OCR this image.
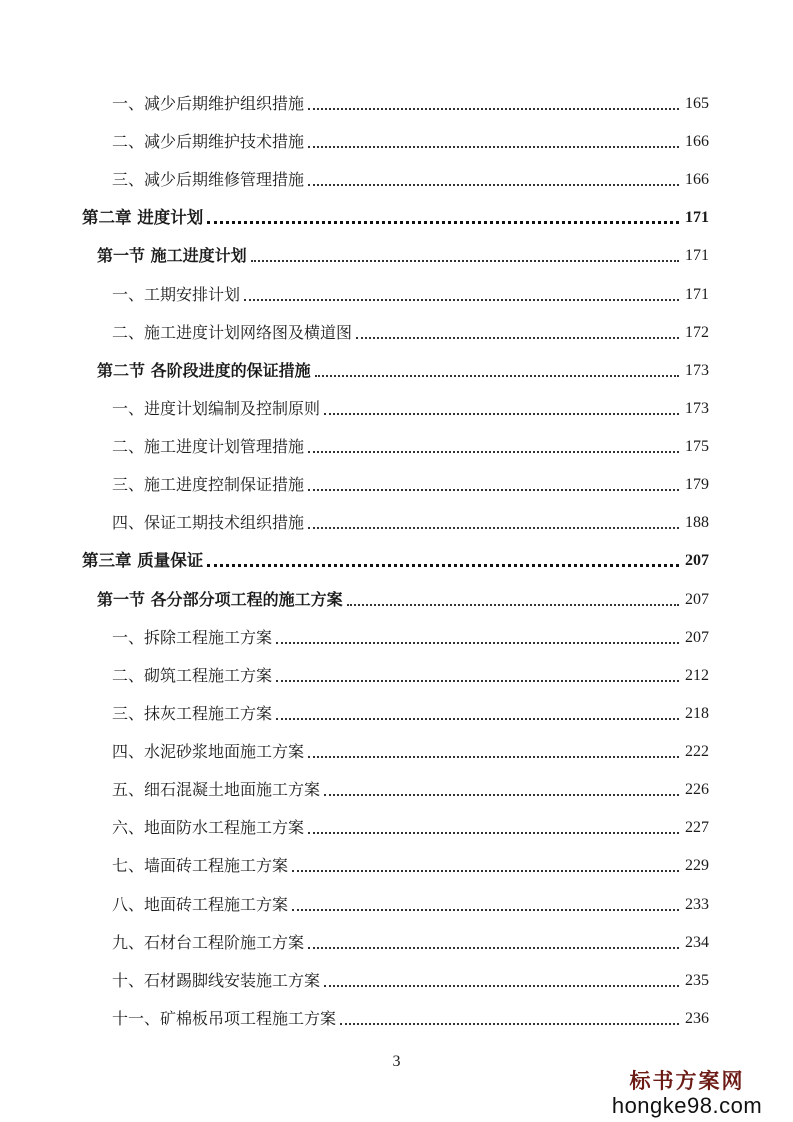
一、减少后期维护组织措施	165
二、减少后期维护技术措施	166
三、减少后期维修管理措施	166
第二章 进度计划	171
第一节 施工进度计划	171
一、工期安排计划	171
二、施工进度计划网络图及横道图	172
第二节 各阶段进度的保证措施	173
一、进度计划编制及控制原则	173
二、施工进度计划管理措施	175
三、施工进度控制保证措施	179
四、保证工期技术组织措施	188
第三章 质量保证	207
第一节 各分部分项工程的施工方案	207
一、拆除工程施工方案	207
二、砌筑工程施工方案	212
三、抹灰工程施工方案	218
四、水泥砂浆地面施工方案	222
五、细石混凝土地面施工方案	226
六、地面防水工程施工方案	227
七、墙面砖工程施工方案	229
八、地面砖工程施工方案	233
九、石材台工程阶施工方案	234
十、石材踢脚线安装施工方案	235
十一、矿棉板吊项工程施工方案	236
3
标书方案网
hongke98.com
